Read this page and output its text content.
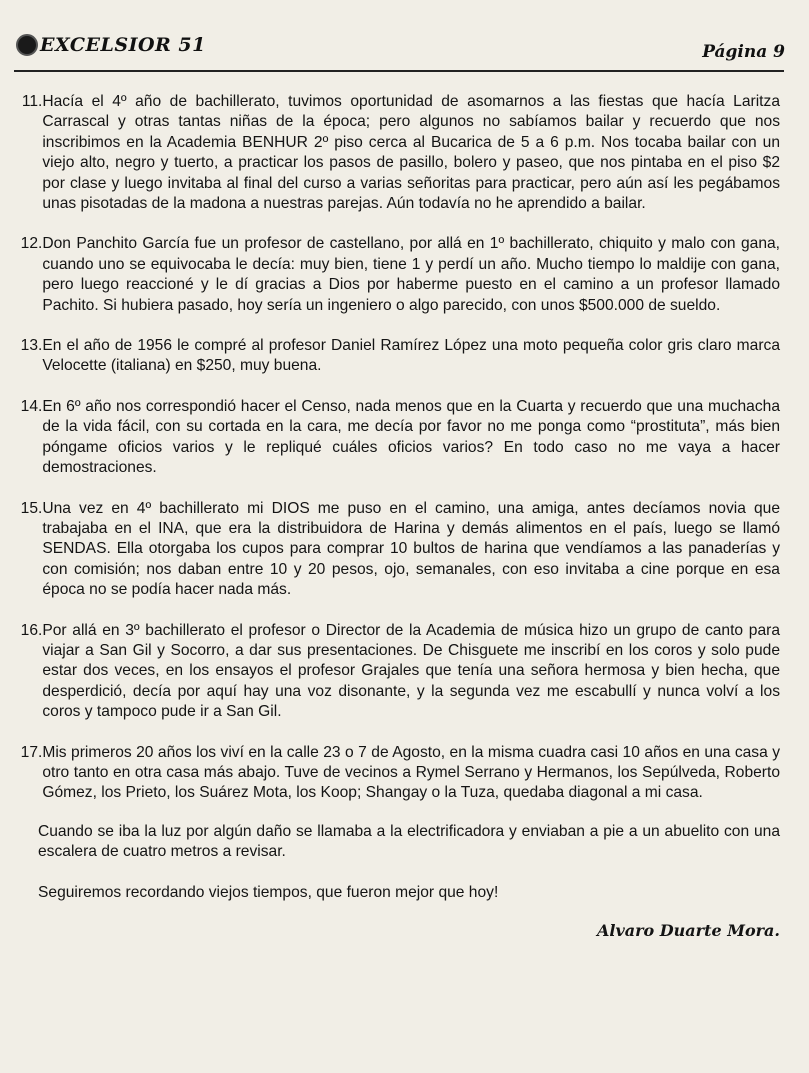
EXCELSIOR 51	Página 9
11 . Hacía el 4º año de bachillerato, tuvimos oportunidad de asomarnos a las fiestas que hacía Laritza Carrascal y otras tantas niñas de la época; pero algunos no sabíamos bailar y recuerdo que nos inscribimos en la Academia BENHUR 2º piso cerca al Bucarica de 5 a 6 p.m. Nos tocaba bailar con un viejo alto, negro y tuerto, a practicar los pasos de pasillo, bolero y paseo, que nos pintaba en el piso $2 por clase y luego invitaba al final del curso a varias señoritas para practicar, pero aún así les pegábamos unas pisotadas de la madona a nuestras parejas. Aún todavía no he aprendido a bailar.
12 . Don Panchito García fue un profesor de castellano, por allá en 1º bachillerato, chiquito y malo con gana, cuando uno se equivocaba le decía: muy bien, tiene 1 y perdí un año. Mucho tiempo lo maldije con gana, pero luego reaccioné y le dí gracias a Dios por haberme puesto en el camino a un profesor llamado Pachito. Si hubiera pasado, hoy sería un ingeniero o algo parecido, con unos $500.000 de sueldo.
13 . En el año de 1956 le compré al profesor Daniel Ramírez López una moto pequeña color gris claro marca Velocette (italiana) en $250, muy buena.
14 . En 6º año nos correspondió hacer el Censo, nada menos que en la Cuarta y recuerdo que una muchacha de la vida fácil, con su cortada en la cara, me decía por favor no me ponga como “prostituta”, más bien póngame oficios varios y le repliqué cuáles oficios varios? En todo caso no me vaya a hacer demostraciones.
15 . Una vez en 4º bachillerato mi DIOS me puso en el camino, una amiga, antes decíamos novia que trabajaba en el INA, que era la distribuidora de Harina y demás alimentos en el país, luego se llamó SENDAS. Ella otorgaba los cupos para comprar 10 bultos de harina que vendíamos a las panaderías y con comisión; nos daban entre 10 y 20 pesos, ojo, semanales, con eso invitaba a cine porque en esa época no se podía hacer nada más.
16 . Por allá en 3º bachillerato el profesor o Director de la Academia de música hizo un grupo de canto para viajar a San Gil y Socorro, a dar sus presentaciones. De Chisguete me inscribí en los coros y solo pude estar dos veces, en los ensayos el profesor Grajales que tenía una señora hermosa y bien hecha, que desperdició, decía por aquí hay una voz disonante, y la segunda vez me escabullí y nunca volví a los coros y tampoco pude ir a San Gil.
17 . Mis primeros 20 años los viví en la calle 23 o 7 de Agosto, en la misma cuadra casi 10 años en una casa y otro tanto en otra casa más abajo. Tuve de vecinos a Rymel Serrano y Hermanos, los Sepúlveda, Roberto Gómez, los Prieto, los Suárez Mota, los Koop; Shangay o la Tuza, quedaba diagonal a mi casa.
Cuando se iba la luz por algún daño se llamaba a la electrificadora y enviaban a pie a un abuelito con una escalera de cuatro metros a revisar.
Seguiremos recordando viejos tiempos, que fueron mejor que hoy!
Alvaro Duarte Mora.
